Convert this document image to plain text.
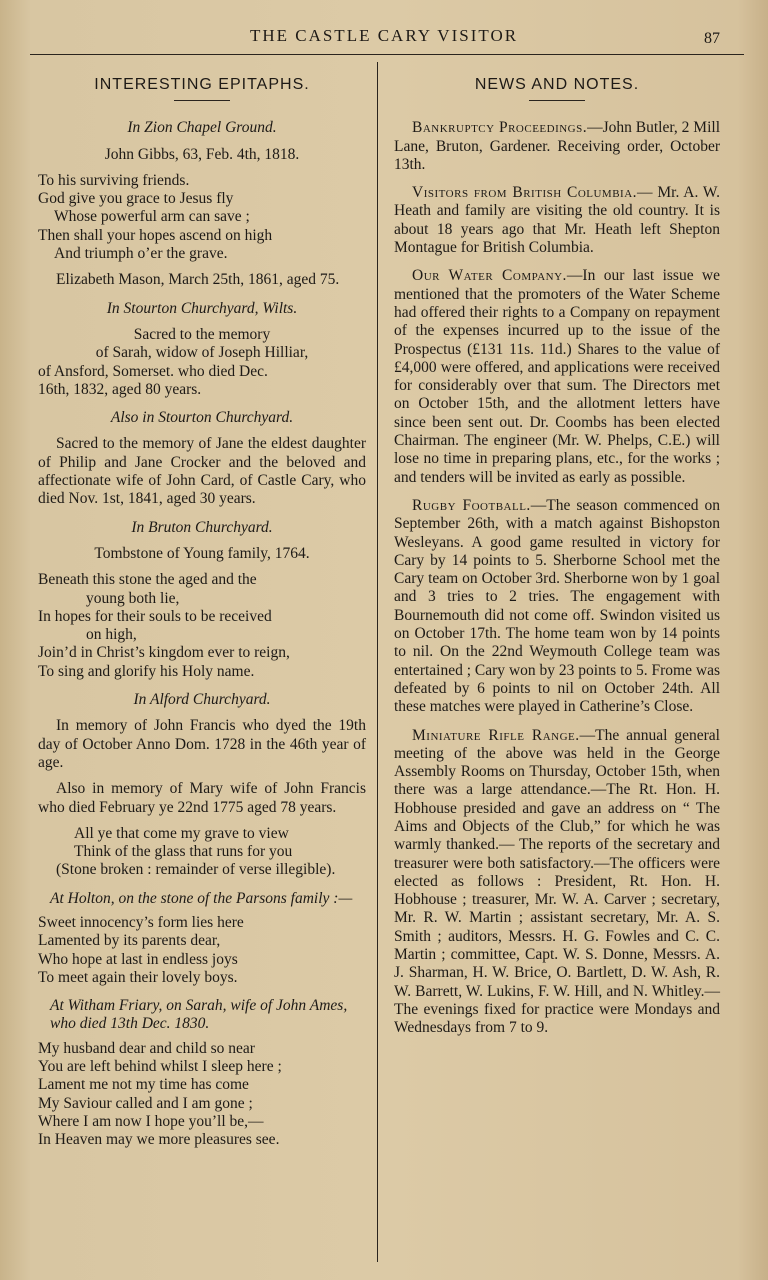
THE CASTLE CARY VISITOR	87
INTERESTING EPITAPHS.
In Zion Chapel Ground.

John Gibbs, 63, Feb. 4th, 1818.

To his surviving friends.
God give you grace to Jesus fly
Whose powerful arm can save ;
Then shall your hopes ascend on high
And triumph o’er the grave.

Elizabeth Mason, March 25th, 1861, aged 75.

In Stourton Churchyard, Wilts.

Sacred to the memory

of Sarah, widow of Joseph Hilliar,

of Ansford, Somerset. who died Dec.

16th, 1832, aged 80 years.

Also in Stourton Churchyard.

Sacred to the memory of Jane the eldest daughter of Philip and Jane Crocker and the beloved and affectionate wife of John Card, of Castle Cary, who died Nov. 1st, 1841, aged 30 years.

In Bruton Churchyard.

Tombstone of Young family, 1764.

Beneath this stone the aged and the
young both lie,
In hopes for their souls to be received
on high,
Join’d in Christ’s kingdom ever to reign,
To sing and glorify his Holy name.
In Alford Churchyard.

In memory of John Francis who dyed the 19th day of October Anno Dom. 1728 in the 46th year of age.

Also in memory of Mary wife of John Francis who died February ye 22nd 1775 aged 78 years.

All ye that come my grave to view
Think of the glass that runs for you

(Stone broken : remainder of verse illegible).

At Holton, on the stone of the Parsons family :—
Sweet innocency’s form lies here
Lamented by its parents dear,
Who hope at last in endless joys
To meet again their lovely boys.
At Witham Friary, on Sarah, wife of John Ames, who died 13th Dec. 1830.
My husband dear and child so near
You are left behind whilst I sleep here ;
Lament me not my time has come
My Saviour called and I am gone ;
Where I am now I hope you’ll be,—
In Heaven may we more pleasures see.
NEWS AND NOTES.

Bankruptcy Proceedings.—John Butler, 2 Mill Lane, Bruton, Gardener. Receiving order, October 13th.

Visitors from British Columbia.— Mr. A. W. Heath and family are visiting the old country. It is about 18 years ago that Mr. Heath left Shepton Montague for British Columbia.

Our Water Company.—In our last issue we mentioned that the promoters of the Water Scheme had offered their rights to a Company on repayment of the expenses incurred up to the issue of the Prospectus (£131 11s. 11d.) Shares to the value of £4,000 were offered, and applications were received for considerably over that sum. The Directors met on October 15th, and the allotment letters have since been sent out. Dr. Coombs has been elected Chairman. The engineer (Mr. W. Phelps, C.E.) will lose no time in preparing plans, etc., for the works ; and tenders will be invited as early as possible.

Rugby Football.—The season commenced on September 26th, with a match against Bishopston Wesleyans. A good game resulted in victory for Cary by 14 points to 5. Sherborne School met the Cary team on October 3rd. Sherborne won by 1 goal and 3 tries to 2 tries. The engagement with Bournemouth did not come off. Swindon visited us on October 17th. The home team won by 14 points to nil. On the 22nd Weymouth College team was entertained ; Cary won by 23 points to 5. Frome was defeated by 6 points to nil on October 24th. All these matches were played in Catherine’s Close.

Miniature Rifle Range.—The annual general meeting of the above was held in the George Assembly Rooms on Thursday, October 15th, when there was a large attendance.—The Rt. Hon. H. Hobhouse presided and gave an address on “ The Aims and Objects of the Club,” for which he was warmly thanked.— The reports of the secretary and treasurer were both satisfactory.—The officers were elected as follows : President, Rt. Hon. H. Hobhouse ; treasurer, Mr. W. A. Carver ; secretary, Mr. R. W. Martin ; assistant secretary, Mr. A. S. Smith ; auditors, Messrs. H. G. Fowles and C. C. Martin ; committee, Capt. W. S. Donne, Messrs. A. J. Sharman, H. W. Brice, O. Bartlett, D. W. Ash, R. W. Barrett, W. Lukins, F. W. Hill, and N. Whitley.— The evenings fixed for practice were Mondays and Wednesdays from 7 to 9.
